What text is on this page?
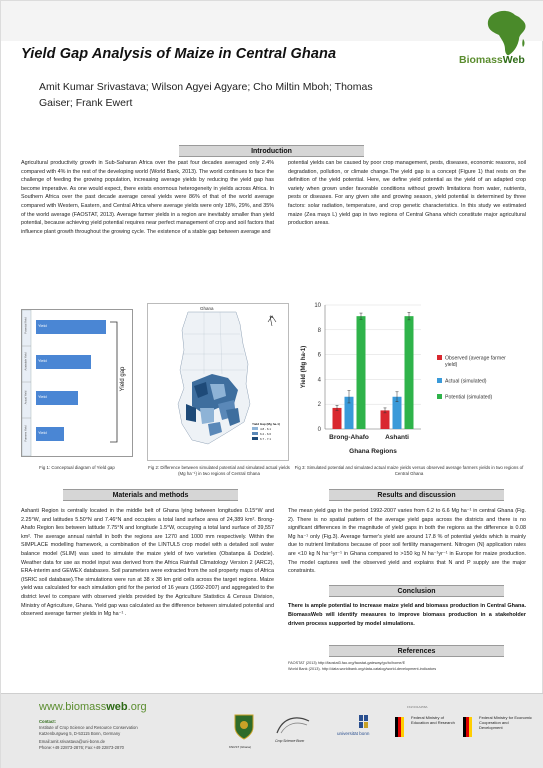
Yield Gap Analysis of Maize in Central Ghana
Amit Kumar Srivastava; Wilson Agyei Agyare; Cho Miltin Mboh; Thomas Gaiser; Frank Ewert
BiomassWeb
Introduction
Agricultural productivity growth in Sub-Saharan Africa over the past four decades averaged only 2.4% compared with 4% in the rest of the developing world (World Bank, 2013). The world continues to face the challenge of feeding the growing population, increasing average yields by reducing the yield gap has become imperative. As one would expect, there exists enormous heterogeneity in yields across Africa. In Southern Africa over the past decade average cereal yields were 86% of that of the world average compared with Western, Eastern, and Central Africa where average yields were only 18%, 29%, and 35% of the world average (FAOSTAT, 2013). Average farmer yields in a region are inevitably smaller than yield potential, because achieving yield potential requires near perfect management of crop and soil factors that influence plant growth throughout the growing cycle. The existence of a stable gap between average and
potential yields can be caused by poor crop management, pests, diseases, economic reasons, soil degradation, pollution, or climate change.The yield gap is a concept (Figure 1) that rests on the definition of the yield potential. Here, we define yield potential as the yield of an adapted crop variety when grown under favorable conditions without growth limitations from water, nutrients, pests or diseases. For any given site and growing season, yield potential is determined by three factors: solar radiation, temperature, and crop genetic characteristics. In this study we estimated maize (Zea mays L) yield gap in two regions of Central Ghana which constitute major agricultural production areas.
Potential Yield
Attainable Yield
Actual Yield
Farmers Yield
Yield
Yield
Yield
Yield
Yield gap
Fig 1: Conceptual diagram of Yield gap
Ghana
N
Yield Gap (Mg ha-1)
4.8 - 6.1
6.2 - 6.6
6.7 - 7.1
Fig 2: Difference between simulated potential and simulated actual yields (Mg ha⁻¹) in two regions of Central Ghana
0
2
4
6
8
10
Yield (Mg ha-1)
Brong-Ahafo Ashanti
Ghana Regions
Observed (average farmer
yield)
Actual (simulated)
Potential (simulated)
Fig 3: Simulated potential and simulated actual maize yields versus observed average farmers yields in two regions of Central Ghana
Materials and methods
Ashanti Region is centrally located in the middle belt of Ghana lying between longitudes 0.15°W and 2.25°W, and latitudes 5.50°N and 7.46°N and occupies a total land surface area of 24,389 km². Brong-Ahafo Region lies between latitude 7.75°N and longitude 1.5°W, occupying a total land surface of 39,557 km². The average annual rainfall in both the regions are 1270 and 1000 mm respectively. Within the SIMPLACE modelling framework, a combination of the LINTUL5 crop model with a detailed soil water balance model (SLIM) was used to simulate the maize yield of two varieties (Obatanpa & Dodzie). Weather data for use as model input was derived from the Africa Rainfall Climatology Version 2 (ARC2), ERA-interim and GEWEX databases. Soil parameters were extracted from the soil property maps of Africa (ISRIC soil database).The simulations were run at 38 x 38 km grid cells across the target regions. Maize yield was calculated for each simulation grid for the period of 16 years (1992-2007) and aggregated to the district level to compare with observed yields provided by the Agriculture Statistics & Census Division, Ministry of Agriculture, Ghana. Yield gap was calculated as the difference between simulated potential and observed average farmer yields in Mg ha⁻¹ .
Results and discussion
The mean yield gap in the period 1992-2007 varies from 6.2 to 6.6 Mg ha⁻¹ in central Ghana (Fig. 2). There is no spatial pattern of the average yield gaps across the districts and there is no significant differences in the magnitude of yield gaps in both the regions as the difference is 0.08 Mg ha⁻¹ only (Fig.3). Average farmer's yield are around 17.8 % of potential yields which is mainly due to nutrient limitations because of poor soil fertility management. Nitrogen (N) application rates are <10 kg N ha⁻¹yr⁻¹ in Ghana compared to >150 kg N ha⁻¹yr⁻¹ in Europe for maize production. The model captures well the observed yield and explains that N and P supply are the major constraints.
Conclusion
There is ample potential to increase maize yield and biomass production in Central Ghana. BiomassWeb will identify measures to improve biomass production in a stakeholder driven process supported by model simulations.
References
FAOSTAT (2013) http://faostat3.fao.org/faostat-gateway/go/to/home/E
World Bank (2013). http://data.worldbank.org/data-catalog/world-development-indicators
www.biomassweb.org
Contact:
Institute of Crop Science and Resource Conservation
Katzenburgweg 5, D-53115 Bonn, Germany
Email:amit.srivastava@uni-bonn.de
Phone:+49 22873-2876; Fax:+49 22873-2870	KNUST (Ghana)
Crop Science Bonn
universität bonn
Federal Ministry of Education and Research
Federal Ministry for Economic Cooperation and Development
FKZ:031A258A
